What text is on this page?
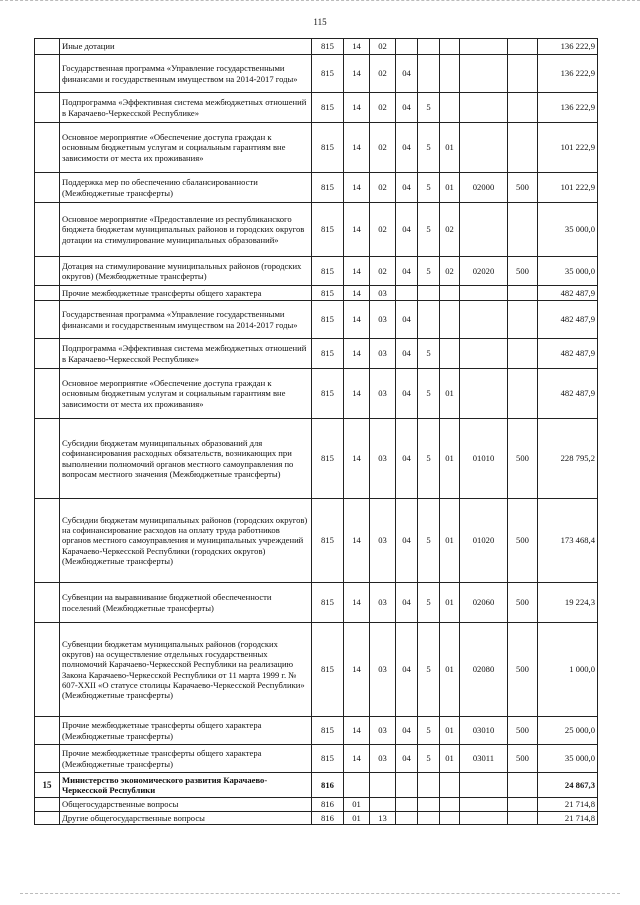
115
	Иные дотации	815	14	02						136 222,9
	Государственная программа «Управление государственными финансами и государственным имуществом на 2014-2017 годы»	815	14	02	04					136 222,9
	Подпрограмма «Эффективная система межбюджетных отношений в Карачаево-Черкесской Республике»	815	14	02	04	5				136 222,9
	Основное мероприятие «Обеспечение доступа граждан к основным бюджетным услугам и социальным гарантиям вне зависимости от места их проживания»	815	14	02	04	5	01			101 222,9
	Поддержка мер по обеспечению сбалансированности (Межбюджетные трансферты)	815	14	02	04	5	01	02000	500	101 222,9
	Основное мероприятие «Предоставление из республиканского бюджета бюджетам муниципальных районов и городских округов дотации на стимулирование муниципальных образований»	815	14	02	04	5	02			35 000,0
	Дотация на стимулирование муниципальных районов (городских округов) (Межбюджетные трансферты)	815	14	02	04	5	02	02020	500	35 000,0
	Прочие межбюджетные трансферты общего характера	815	14	03						482 487,9
	Государственная программа «Управление государственными финансами и государственным имуществом на 2014-2017 годы»	815	14	03	04					482 487,9
	Подпрограмма «Эффективная система межбюджетных отношений в Карачаево-Черкесской Республике»	815	14	03	04	5				482 487,9
	Основное мероприятие «Обеспечение доступа граждан к основным бюджетным услугам и социальным гарантиям вне зависимости от места их проживания»	815	14	03	04	5	01			482 487,9
	Субсидии бюджетам муниципальных образований для софинансирования расходных обязательств, возникающих при выполнении полномочий органов местного самоуправления по вопросам местного значения (Межбюджетные трансферты)	815	14	03	04	5	01	01010	500	228 795,2
	Субсидии бюджетам муниципальных районов (городских округов) на софинансирование расходов на оплату труда работников органов местного самоуправления и муниципальных учреждений Карачаево-Черкесской Республики (городских округов) (Межбюджетные трансферты)	815	14	03	04	5	01	01020	500	173 468,4
	Субвенции на выравнивание бюджетной обеспеченности поселений (Межбюджетные трансферты)	815	14	03	04	5	01	02060	500	19 224,3
	Субвенции бюджетам муниципальных районов (городских округов) на осуществление отдельных государственных полномочий Карачаево-Черкесской Республики на реализацию Закона Карачаево-Черкесской Республики от 11 марта 1999 г. № 607-XXII «О статусе столицы Карачаево-Черкесской Республики» (Межбюджетные трансферты)	815	14	03	04	5	01	02080	500	1 000,0
	Прочие межбюджетные трансферты общего характера (Межбюджетные трансферты)	815	14	03	04	5	01	03010	500	25 000,0
	Прочие межбюджетные трансферты общего характера (Межбюджетные трансферты)	815	14	03	04	5	01	03011	500	35 000,0
15	Министерство экономического развития Карачаево-Черкесской Республики	816								24 867,3
	Общегосударственные вопросы	816	01							21 714,8
	Другие общегосударственные вопросы	816	01	13						21 714,8
